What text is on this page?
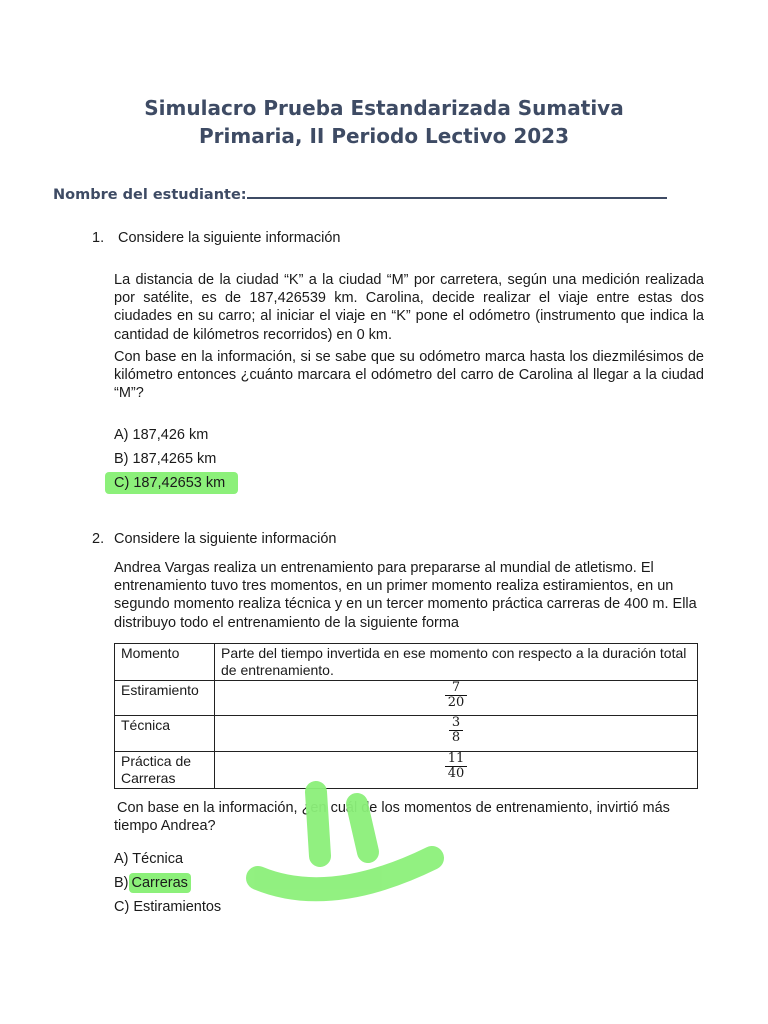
Simulacro Prueba Estandarizada Sumativa
Primaria, II Periodo Lectivo 2023
Nombre del estudiante:
1. Considere la siguiente información
La distancia de la ciudad “K” a la ciudad “M” por carretera, según una medición realizada por satélite, es de 187,426539 km. Carolina, decide realizar el viaje entre estas dos ciudades en su carro; al iniciar el viaje en “K” pone el odómetro (instrumento que indica la cantidad de kilómetros recorridos) en 0 km.
Con base en la información, si se sabe que su odómetro marca hasta los diezmilésimos de kilómetro entonces ¿cuánto marcara el odómetro del carro de Carolina al llegar a la ciudad “M”?
A) 187,426 km
B) 187,4265 km
C) 187,42653 km
2. Considere la siguiente información
Andrea Vargas realiza un entrenamiento para prepararse al mundial de atletismo. El entrenamiento tuvo tres momentos, en un primer momento realiza estiramientos, en un segundo momento realiza técnica y en un tercer momento práctica carreras de 400 m. Ella distribuyo todo el entrenamiento de la siguiente forma
Momento	Parte del tiempo invertida en ese momento con respecto a la duración total de entrenamiento.
Estiramiento	$\frac{7}{20}$

Técnica	$\frac{3}{8}$

Práctica de Carreras	$\frac{11}{40}$
Con base en la información, ¿en cuál de los momentos de entrenamiento, invirtió más tiempo Andrea?
A) Técnica
B) Carreras
C) Estiramientos
